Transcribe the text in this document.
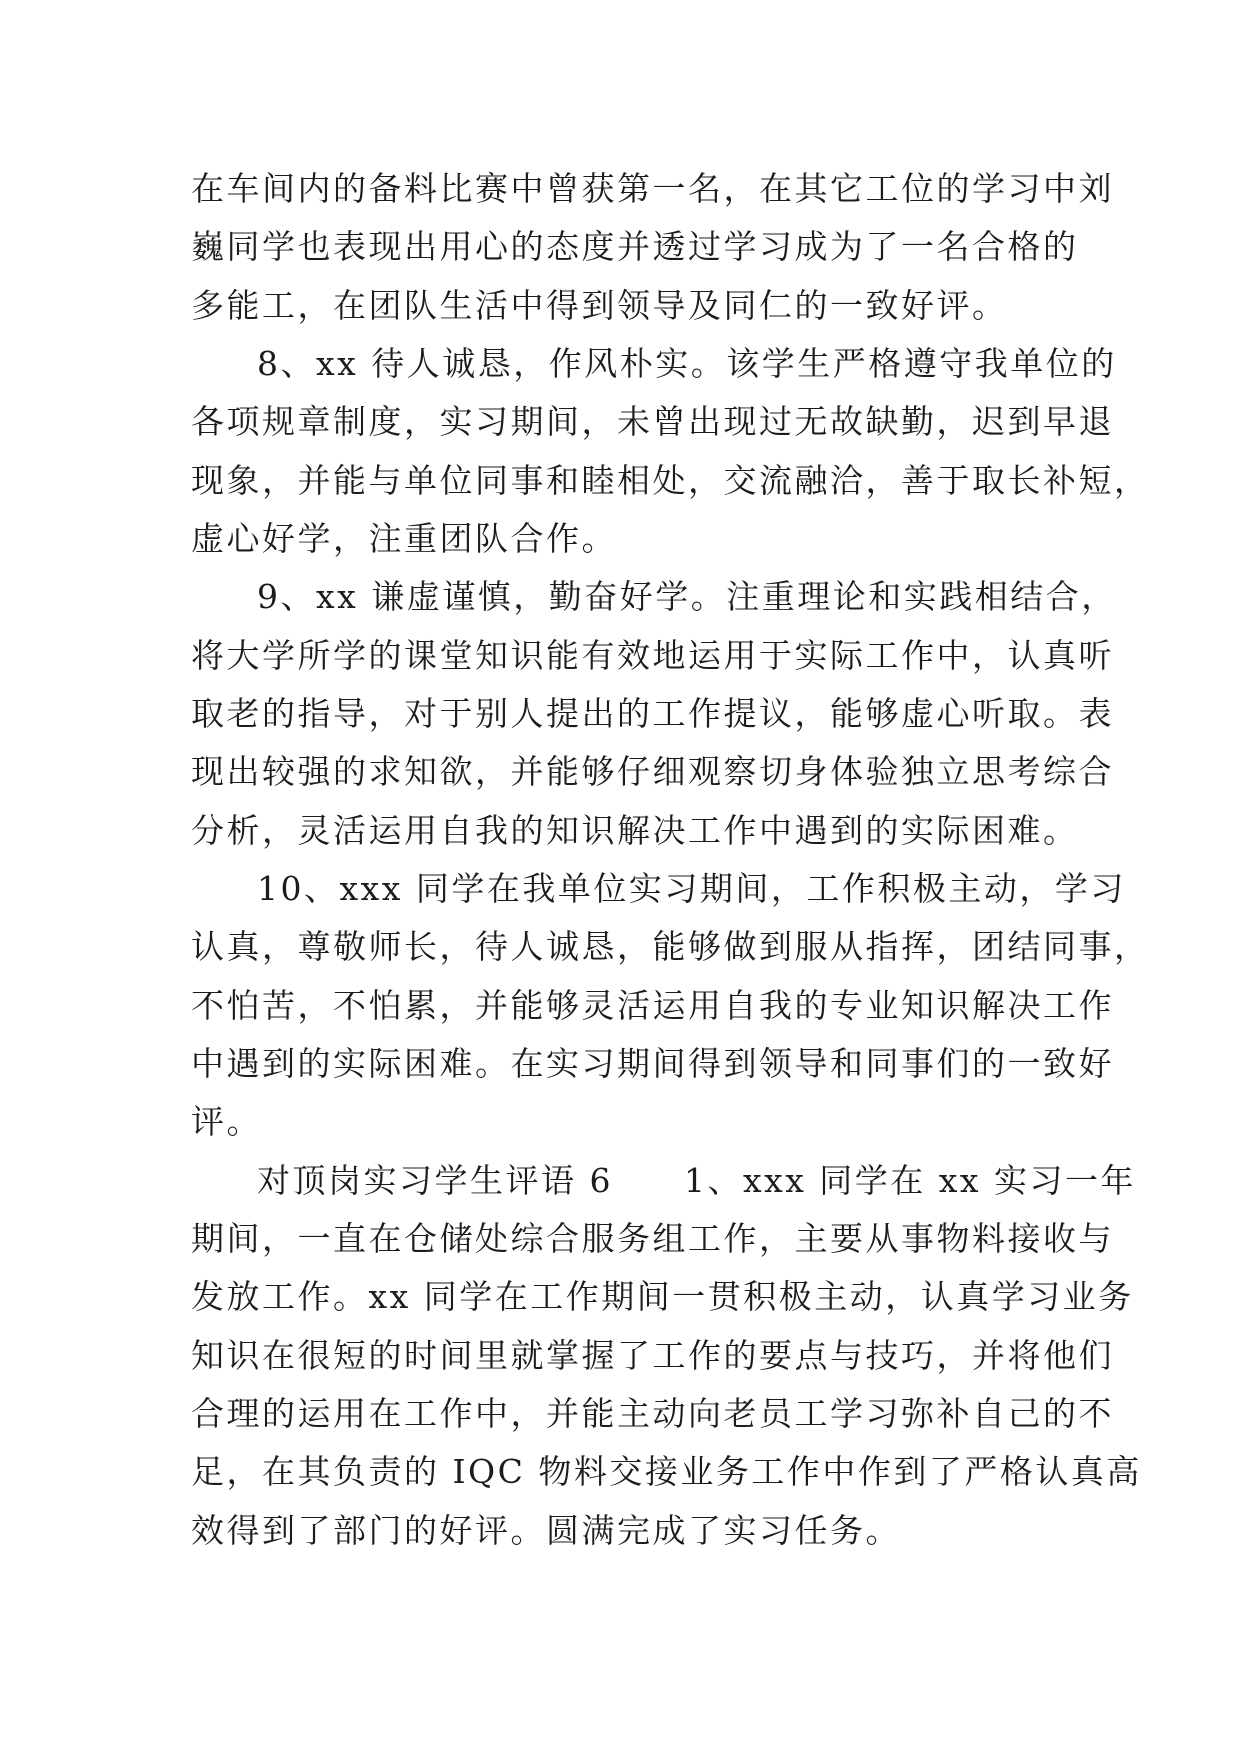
在车间内的备料比赛中曾获第一名，在其它工位的学习中刘
巍同学也表现出用心的态度并透过学习成为了一名合格的
多能工，在团队生活中得到领导及同仁的一致好评。
8、xx 待人诚恳，作风朴实。该学生严格遵守我单位的
各项规章制度，实习期间，未曾出现过无故缺勤，迟到早退
现象，并能与单位同事和睦相处，交流融洽，善于取长补短，
虚心好学，注重团队合作。
9、xx 谦虚谨慎，勤奋好学。注重理论和实践相结合，
将大学所学的课堂知识能有效地运用于实际工作中，认真听
取老的指导，对于别人提出的工作提议，能够虚心听取。表
现出较强的求知欲，并能够仔细观察切身体验独立思考综合
分析，灵活运用自我的知识解决工作中遇到的实际困难。
10、xxx 同学在我单位实习期间，工作积极主动，学习
认真，尊敬师长，待人诚恳，能够做到服从指挥，团结同事，
不怕苦，不怕累，并能够灵活运用自我的专业知识解决工作
中遇到的实际困难。在实习期间得到领导和同事们的一致好
评。
对顶岗实习学生评语 6　　1、xxx 同学在 xx 实习一年
期间，一直在仓储处综合服务组工作，主要从事物料接收与
发放工作。xx 同学在工作期间一贯积极主动，认真学习业务
知识在很短的时间里就掌握了工作的要点与技巧，并将他们
合理的运用在工作中，并能主动向老员工学习弥补自己的不
足，在其负责的 IQC 物料交接业务工作中作到了严格认真高
效得到了部门的好评。圆满完成了实习任务。
